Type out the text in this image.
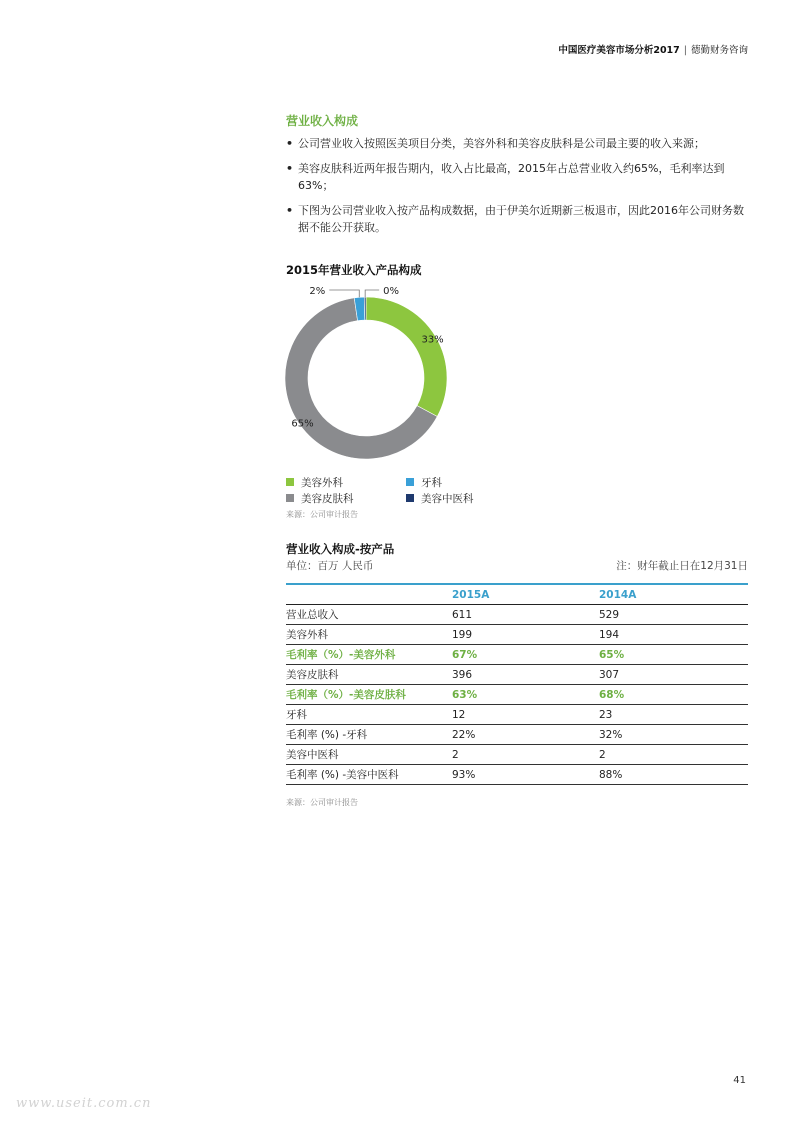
中国医疗美容市场分析2017 | 德勤财务咨询
营业收入构成
• 公司营业收入按照医美项目分类，美容外科和美容皮肤科是公司最主要的收入来源；
• 美容皮肤科近两年报告期内，收入占比最高，2015年占总营业收入约65%，毛利率达到63%；
• 下图为公司营业收入按产品构成数据，由于伊美尔近期新三板退市，因此2016年公司财务数据不能公开获取。
2015年营业收入产品构成
33%
65%
2%	0%
美容外科	牙科
美容皮肤科	美容中医科
来源：公司审计报告
营业收入构成-按产品
单位：百万 人民币	注：财年截止日在12月31日
	2015A	2014A
营业总收入	611	529
美容外科	199	194
毛利率（%）-美容外科	67%	65%
美容皮肤科	396	307
毛利率（%）-美容皮肤科	63%	68%
牙科	12	23
毛利率 (%) -牙科	22%	32%
美容中医科	2	2
毛利率 (%) -美容中医科	93%	88%
来源：公司审计报告
41
www.useit.com.cn
